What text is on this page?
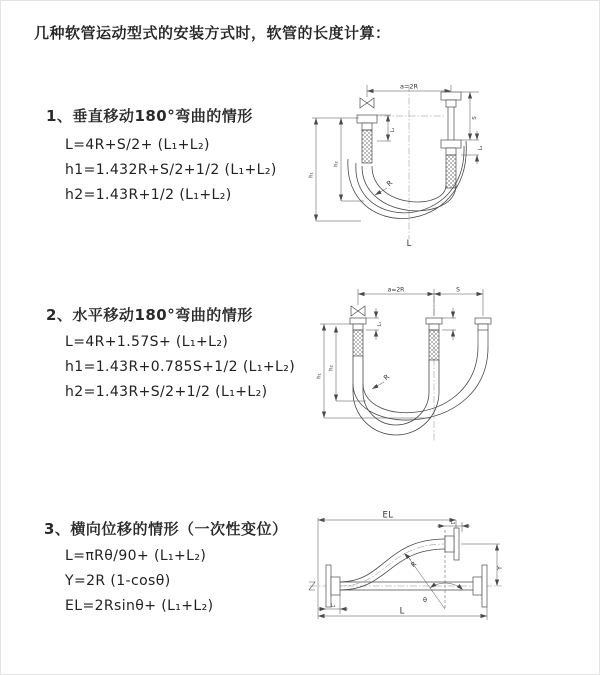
几种软管运动型式的安装方式时，软管的长度计算：
1、垂直移动180°弯曲的情形
L=4R+S/2+ (L₁+L₂)
h1=1.432R+S/2+1/2 (L₁+L₂)
h2=1.43R+1/2 (L₁+L₂)
2、水平移动180°弯曲的情形
L=4R+1.57S+ (L₁+L₂)
h1=1.43R+0.785S+1/2 (L₁+L₂)
h2=1.43R+S/2+1/2 (L₁+L₂)
3、横向位移的情形（一次性变位）
L=πRθ/90+ (L₁+L₂)
Y=2R (1-cosθ)
EL=2Rsinθ+ (L₁+L₂)
a=2R
L₁
S
L₂
h₁
h₂
R
L
a=2R	S
L₁
h₁
h₂
R
EL
L₂
Y
R
θ
L
L₁
